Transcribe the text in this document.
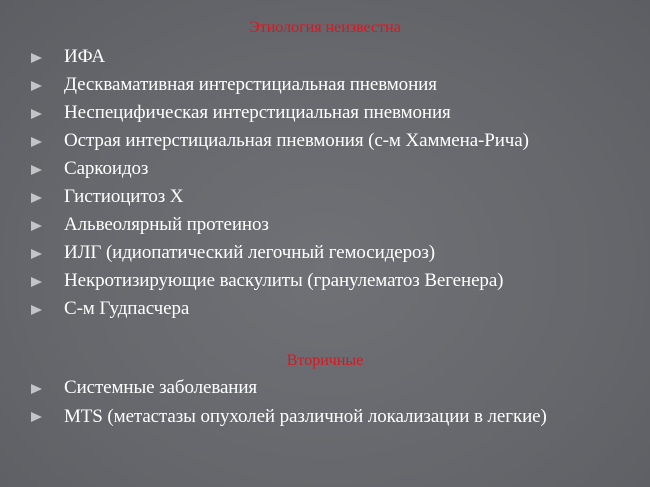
Этиология неизвестна
ИФА
Десквамативная интерстициальная пневмония
Неспецифическая интерстициальная пневмония
Острая интерстициальная пневмония (с-м Хаммена-Рича)
Саркоидоз
Гистиоцитоз Х
Альвеолярный протеиноз
ИЛГ (идиопатический легочный гемосидероз)
Некротизирующие васкулиты (гранулематоз Вегенера)
С-м Гудпасчера
Вторичные
Системные заболевания
MTS (метастазы опухолей различной локализации в легкие)
